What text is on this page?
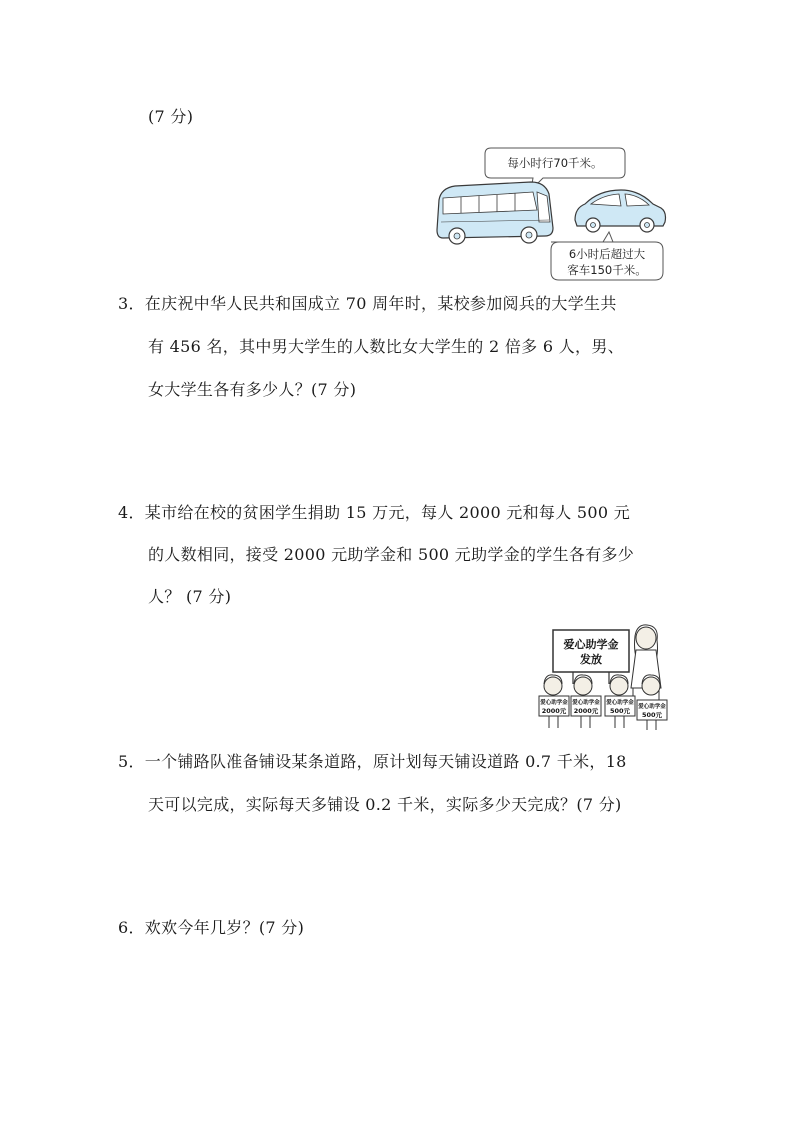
(7 分)
每小时行70千米。
6小时后超过大
客车150千米。
3．在庆祝中华人民共和国成立 70 周年时，某校参加阅兵的大学生共
有 456 名，其中男大学生的人数比女大学生的 2 倍多 6 人，男、
女大学生各有多少人？(7 分)
4．某市给在校的贫困学生捐助 15 万元，每人 2000 元和每人 500 元
的人数相同，接受 2000 元助学金和 500 元助学金的学生各有多少
人？ (7 分)
爱心助学金
发放
爱心助学金
2000元
爱心助学金
2000元
爱心助学金
500元 爱心助学金
500元
5．一个铺路队准备铺设某条道路，原计划每天铺设道路 0.7 千米，18
天可以完成，实际每天多铺设 0.2 千米，实际多少天完成？(7 分)
6．欢欢今年几岁？(7 分)
